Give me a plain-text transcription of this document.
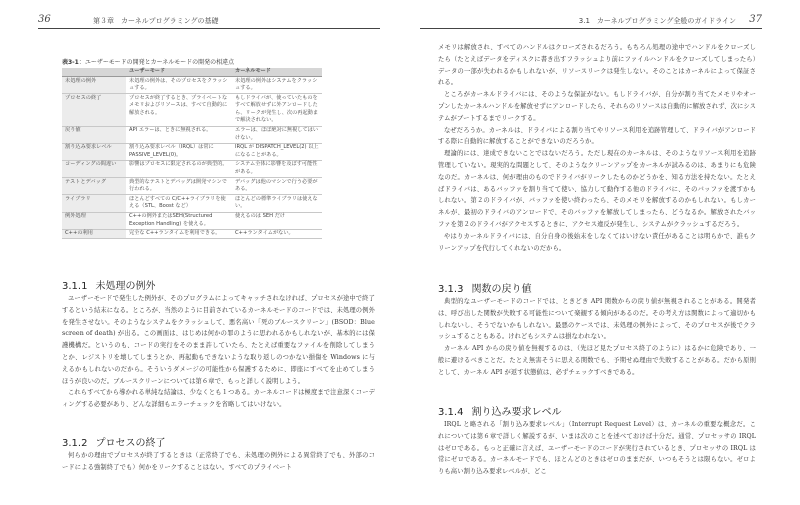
36	第３章　カーネルプログラミングの基礎
表3-1：ユーザーモードの開発とカーネルモードの開発の相違点
	ユーザーモード	カーネルモード
未処理の例外	未処理の例外は、そのプロセスをクラッシュする。	未処理の例外はシステムをクラッシュする。
プロセスの終了	プロセスが終了するとき、プライベートなメモリおよびリソースは、すべて自動的に解放される。	もしドライバが、使っていたものをすべて解放せずに外アンロードしたら、リークが発生し、次の再起動まで解決されない。
戻り値	API エラーは、ときに無視される。	エラーは、ほぼ絶対に無視してはいけない。
割り込み要求レベル	割り込み要求レベル（IRQL）は常にPASSIVE_LEVEL(0)。	IRQL が DISPATCH_LEVEL(2) 以上になることがある。
コーディングの間違い	影響はプロセスに限定されるのが典型的。	システム全体に影響を及ぼす可能性がある。
テストとデバッグ	典型的なテストとデバッグは開発マシンで行われる。	デバッグは他のマシンで行う必要がある。
ライブラリ	ほとんどすべての C/C++ライブラリを使える（STL、Boost など）	ほとんどの標準ライブラリは使えない。
例外処理	C++の例外またはSEH(Structured Exception Handling) を使える。	使えるのは SEH だけ
C++の利用	完全な C++ランタイムを利用できる。	C++ランタイムがない。
3.1.1 未処理の例外

ユーザーモードで発生した例外が、そのプログラムによってキャッチされなければ、プロセスが途中で終了するという結末になる。ところが、当然のように目前されているカーネルモードのコードでは、未処理の例外を発生させない。そのようなシステムをクラッシュして、悪名高い「死のブルースクリーン」(BSOD：Blue screen of death) が出る。この画面は、はじめは何かの罪のように思われるかもしれないが、基本的には保護機構だ。というのも、コードの実行をそのまま許していたら、たとえば重要なファイルを削除してしまうとか、レジストリを壊してしまうとか、再起動もできないような取り返しのつかない損傷を Windows に与えるかもしれないのだから。そういうダメージの可能性から保護するために、即座にすべてを止めてしまうほうが良いのだ。ブルースクリーンについては第６章で、もっと詳しく説明しよう。

これらすべてから導かれる単純な結論は、少なくとも１つある。カーネルコードは極度まで注意深くコーディングする必要があり、どんな詳細もエラーチェックを省略してはいけない。

3.1.2 プロセスの終了

何らかの理由でプロセスが終了するときは（正常終了でも、未処理の例外による異常終了でも、外部のコードによる強制終了でも）何かをリークすることはない。すべてのプライベート

3.1　カーネルプログラミング全般のガイドライン 37

メモリは解放され、すべてのハンドルはクローズされるだろう。もちろん処理の途中でハンドルをクローズしたら（たとえばデータをディスクに書き出すフラッシュより前にファイルハンドルをクローズしてしまったら）データの一部が失われるかもしれないが、リソースリークは発生しない。そのことはカーネルによって保証される。

ところがカーネルドライバには、そのような保証がない。もしドライバが、自分が割り当てたメモリやオープンしたカーネルハンドルを解放せずにアンロードしたら、それらのリソースは自動的に解放されず、次にシステムがブートするまでリークする。

なぜだろうか。カーネルは、ドライバによる割り当てやリソース利用を追跡管理して、ドライバがアンロードする際に自動的に解放することができないのだろうか。

理論的には、達成できないことではないだろう。ただし現在のカーネルは、そのようなリソース利用を追跡管理していない。現実的な問題として、そのようなクリーンアップをカーネルが試みるのは、あまりにも危険なのだ。カーネルは、何が理由のものでドライバがリークしたものかどうかを、知る方法を持たない。たとえばドライバは、あるバッファを割り当てて使い、協力して動作する他のドライバに、そのバッファを渡すかもしれない。第２のドライバが、バッファを使い終わったら、そのメモリを解放するのかもしれない。もしカーネルが、最初のドライバのアンロードで、そのバッファを解放してしまったら、どうなるか。解放されたバッファを第２のドライバがアクセスするときに、アクセス違反が発生し、システムがクラッシュするだろう。

やはりカーネルドライバには、自分自身の後始末をしなくてはいけない責任があることは明らかで、誰もクリーンアップを代行してくれないのだから。

3.1.3 関数の戻り値

典型的なユーザーモードのコードでは、ときどき API 関数からの戻り値が無視されることがある。開発者は、呼び出した関数が失敗する可能性について楽観する傾向があるのだ。その考え方は関数によって適切かもしれないし、そうでないかもしれない。最悪のケースでは、未処理の例外によって、そのプロセスが後でクラッシュすることもある。けれどもシステムは損なわれない。

カーネル API からの戻り値を無視するのは、（先ほど見たプロセス終了のように）はるかに危険であり、一般に避けるべきことだ。たとえ無害そうに思える関数でも、予期せぬ理由で失敗することがある。だから原則として、カーネル API が返す状態値は、必ずチェックすべきである。

3.1.4 割り込み要求レベル

IRQL と略される「割り込み要求レベル」（Interrupt Request Level）は、カーネルの重要な概念だ。これについては第６章で詳しく解説するが、いまは次のことを述べておけば十分だ。通常、プロセッサの IRQL はゼロである。もっと正確に言えば、ユーザーモードのコードが実行されているとき、プロセッサの IRQL は常にゼロである。カーネルモードでも、ほとんどのときはゼロのままだが、いつもそうとは限らない。ゼロよりも高い割り込み要求レベルが、どこ
